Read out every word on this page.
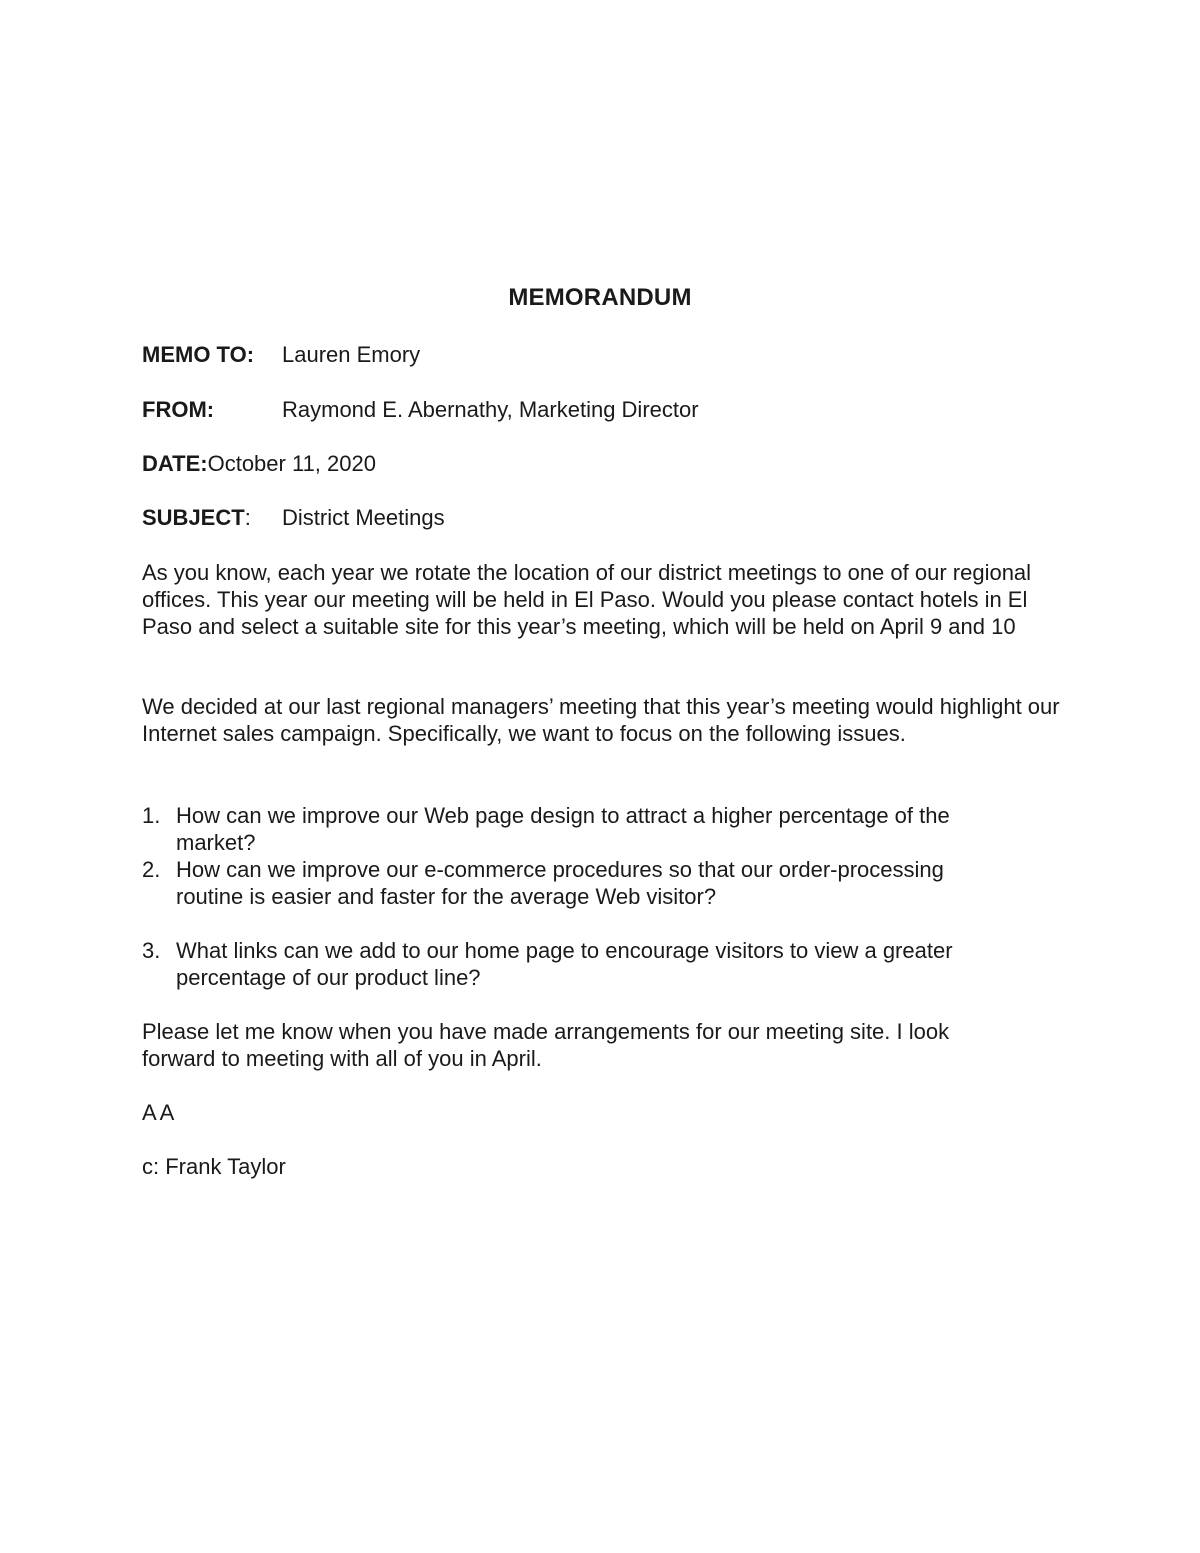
MEMORANDUM
MEMO TO: Lauren Emory
FROM:	Raymond E. Abernathy, Marketing Director
DATE:October 11, 2020
SUBJECT: District Meetings

As you know, each year we rotate the location of our district meetings to one of our regional offices. This year our meeting will be held in El Paso. Would you please contact hotels in El Paso and select a suitable site for this year’s meeting, which will be held on April 9 and 10

We decided at our last regional managers’ meeting that this year’s meeting would highlight our Internet sales campaign. Specifically, we want to focus on the following issues.

1. How can we improve our Web page design to attract a higher percentage of the market?
2. How can we improve our e-commerce procedures so that our order-processing routine is easier and faster for the average Web visitor?
3. What links can we add to our home page to encourage visitors to view a greater percentage of our product line?

Please let me know when you have made arrangements for our meeting site. I look forward to meeting with all of you in April.

AA
c: Frank Taylor
